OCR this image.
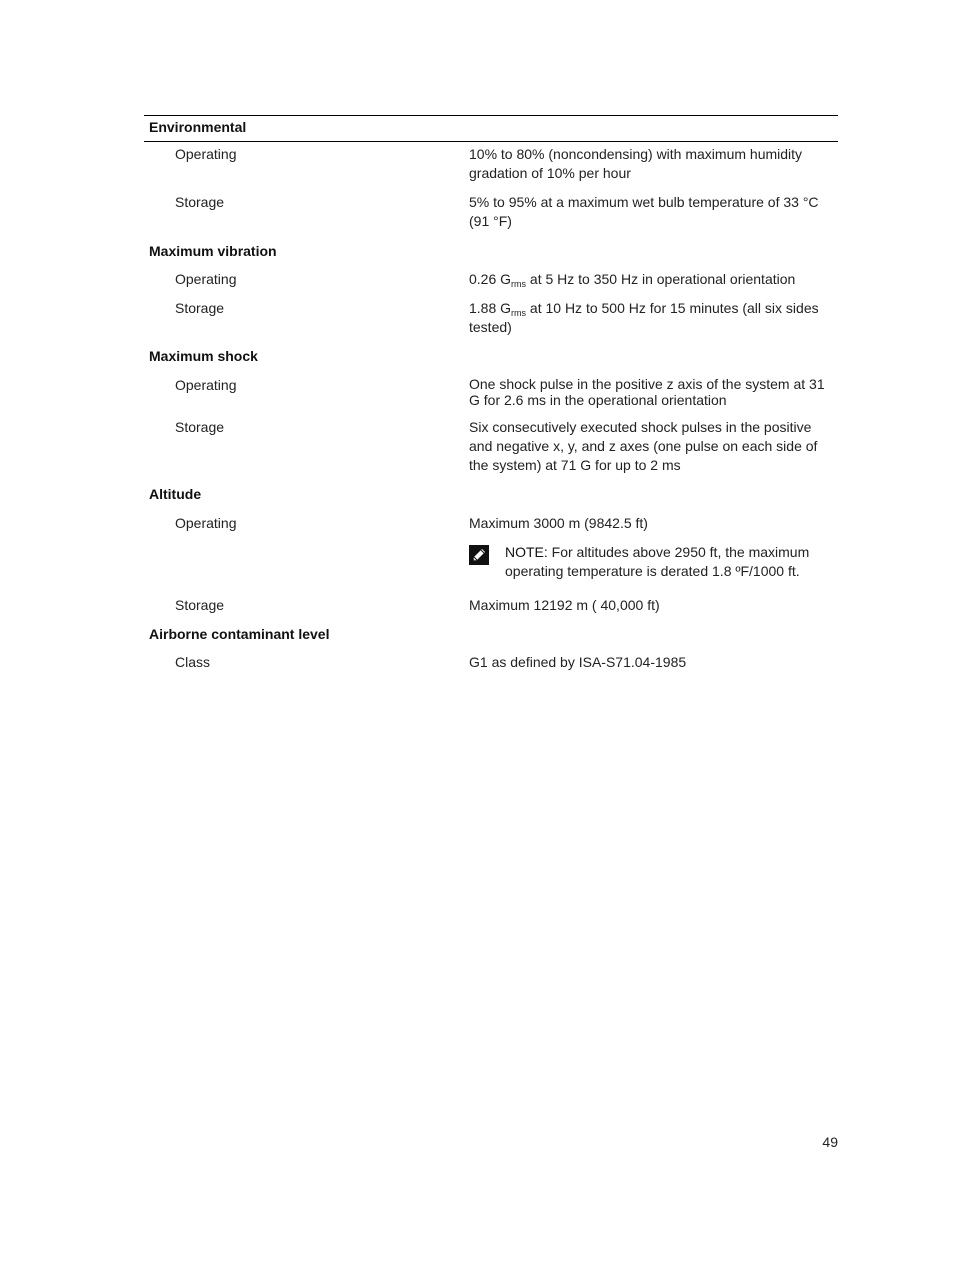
Environmental
Operating	10% to 80% (noncondensing) with maximum humidity gradation of 10% per hour
Storage	5% to 95% at a maximum wet bulb temperature of 33 °C (91 °F)
Maximum vibration
Operating	0.26 $G_{rms}$ at 5 Hz to 350 Hz in operational orientation
Storage	1.88 $G_{rms}$ at 10 Hz to 500 Hz for 15 minutes (all six sides tested)
Maximum shock
Operating	One shock pulse in the positive z axis of the system at 31 G for 2.6 ms in the operational orientation
Storage	Six consecutively executed shock pulses in the positive and negative x, y, and z axes (one pulse on each side of the system) at 71 G for up to 2 ms
Altitude
Operating	Maximum 3000 m (9842.5 ft)
NOTE: For altitudes above 2950 ft, the maximum operating temperature is derated 1.8 ºF/1000 ft.
Storage	Maximum 12192 m ( 40,000 ft)
Airborne contaminant level
Class	G1 as defined by ISA-S71.04-1985
49
